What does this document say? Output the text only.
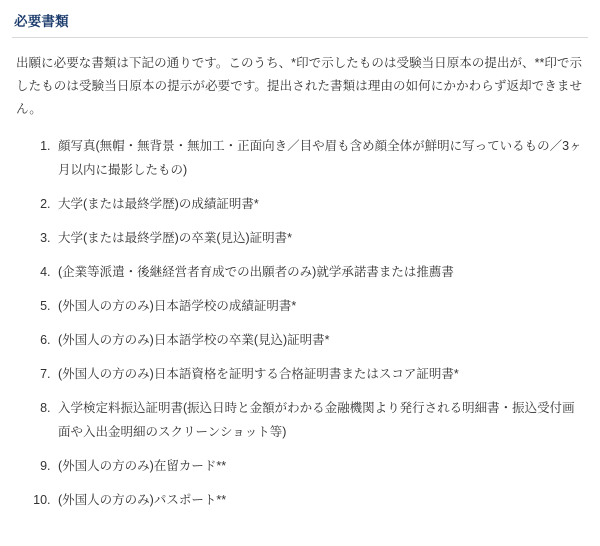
必要書類

出願に必要な書類は下記の通りです。このうち、*印で示したものは受験当日原本の提出が、**印で示したものは受験当日原本の提示が必要です。提出された書類は理由の如何にかかわらず返却できません。

1. 顔写真(無帽・無背景・無加工・正面向き／目や眉も含め顔全体が鮮明に写っているもの／3ヶ月以内に撮影したもの)
2. 大学(または最終学歴)の成績証明書*
3. 大学(または最終学歴)の卒業(見込)証明書*
4. (企業等派遣・後継経営者育成での出願者のみ)就学承諾書または推薦書
5. (外国人の方のみ)日本語学校の成績証明書*
6. (外国人の方のみ)日本語学校の卒業(見込)証明書*
7. (外国人の方のみ)日本語資格を証明する合格証明書またはスコア証明書*
8. 入学検定料振込証明書(振込日時と金額がわかる金融機関より発行される明細書・振込受付画面や入出金明細のスクリーンショット等)
9. (外国人の方のみ)在留カード**
10. (外国人の方のみ)パスポート**
